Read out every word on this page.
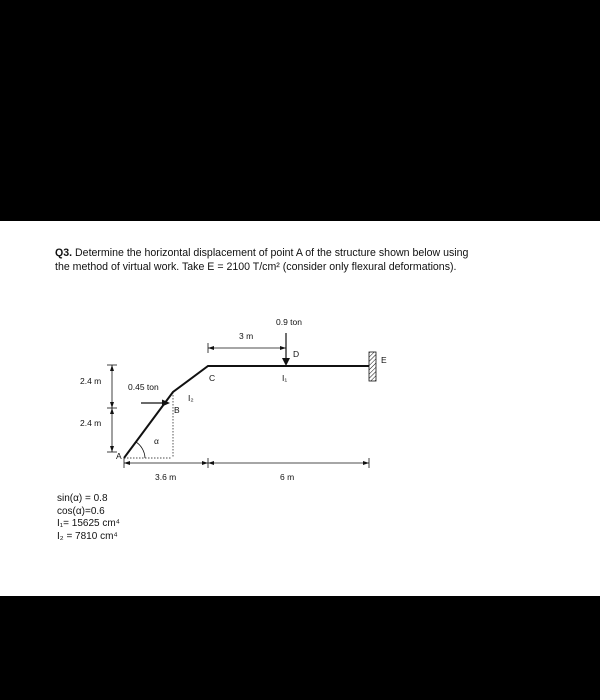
Q3. Determine the horizontal displacement of point A of the structure shown below using
the method of virtual work. Take E = 2100 T/cm² (consider only flexural deformations).
3 m
0.9 ton
D
E
C	I₁
I₂
B
A
α
0.45 ton
2.4 m
2.4 m
3.6 m	6 m
sin(α) = 0.8
cos(α)=0.6
I₁= 15625 cm⁴
I₂ = 7810 cm⁴
